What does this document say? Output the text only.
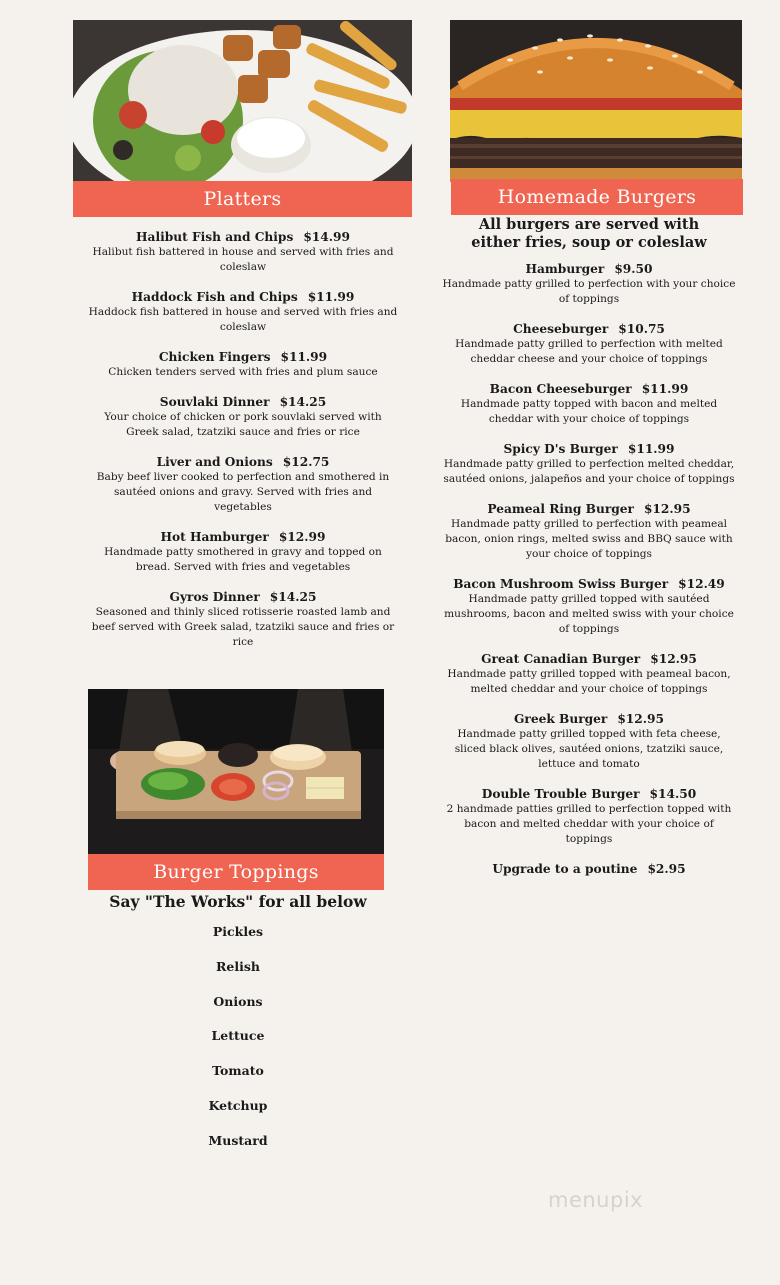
Platters
Halibut Fish and Chips $14.99
Halibut fish battered in house and served with fries and coleslaw
Haddock Fish and Chips $11.99
Haddock fish battered in house and served with fries and coleslaw
Chicken Fingers $11.99
Chicken tenders served with fries and plum sauce
Souvlaki Dinner $14.25
Your choice of chicken or pork souvlaki served with Greek salad, tzatziki sauce and fries or rice
Liver and Onions $12.75
Baby beef liver cooked to perfection and smothered in sautéed onions and gravy. Served with fries and vegetables
Hot Hamburger $12.99
Handmade patty smothered in gravy and topped on bread. Served with fries and vegetables
Gyros Dinner $14.25
Seasoned and thinly sliced rotisserie roasted lamb and beef served with Greek salad, tzatziki sauce and fries or rice
Burger Toppings
Say "The Works" for all below
Pickles
Relish
Onions
Lettuce
Tomato
Ketchup
Mustard
Homemade Burgers
All burgers are served with either fries, soup or coleslaw
Hamburger $9.50
Handmade patty grilled to perfection with your choice of toppings
Cheeseburger $10.75
Handmade patty grilled to perfection with melted cheddar cheese and your choice of toppings
Bacon Cheeseburger $11.99
Handmade patty topped with bacon and melted cheddar with your choice of toppings
Spicy D's Burger $11.99
Handmade patty grilled to perfection melted cheddar, sautéed onions, jalapeños and your choice of toppings
Peameal Ring Burger $12.95
Handmade patty grilled to perfection with peameal bacon, onion rings, melted swiss and BBQ sauce with your choice of toppings
Bacon Mushroom Swiss Burger $12.49
Handmade patty grilled topped with sautéed mushrooms, bacon and melted swiss with your choice of toppings
Great Canadian Burger $12.95
Handmade patty grilled topped with peameal bacon, melted cheddar and your choice of toppings
Greek Burger $12.95
Handmade patty grilled topped with feta cheese, sliced black olives, sautéed onions, tzatziki sauce, lettuce and tomato
Double Trouble Burger $14.50
2 handmade patties grilled to perfection topped with bacon and melted cheddar with your choice of toppings
Upgrade to a poutine $2.95
menupix
